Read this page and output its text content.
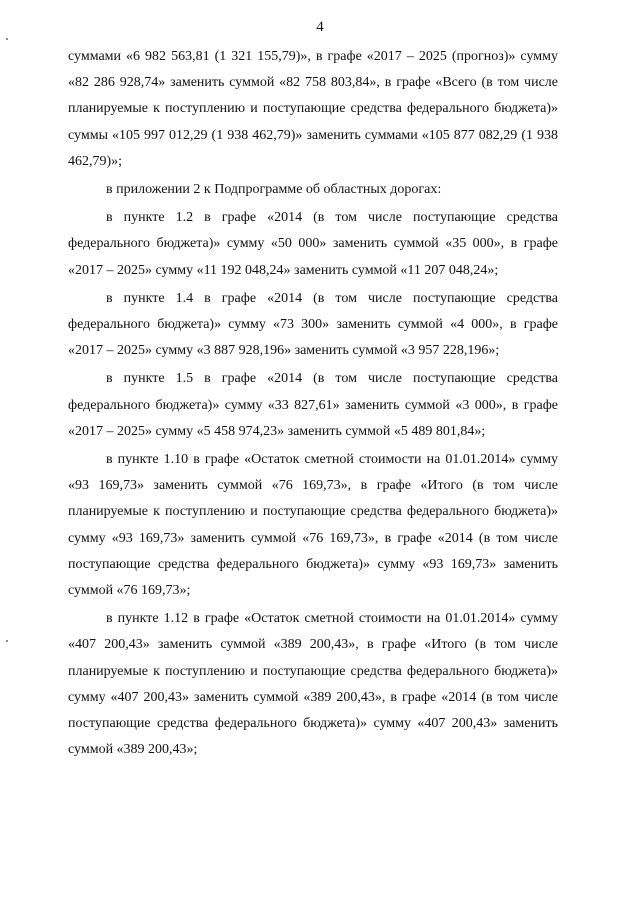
4

суммами «6 982 563,81 (1 321 155,79)», в графе «2017 – 2025 (прогноз)» сумму «82 286 928,74» заменить суммой «82 758 803,84», в графе «Всего (в том числе планируемые к поступлению и поступающие средства федерального бюджета)» суммы «105 997 012,29 (1 938 462,79)» заменить суммами «105 877 082,29 (1 938 462,79)»;

в приложении 2 к Подпрограмме об областных дорогах:

в пункте 1.2 в графе «2014 (в том числе поступающие средства федерального бюджета)» сумму «50 000» заменить суммой «35 000», в графе «2017 – 2025» сумму «11 192 048,24» заменить суммой «11 207 048,24»;

в пункте 1.4 в графе «2014 (в том числе поступающие средства федерального бюджета)» сумму «73 300» заменить суммой «4 000», в графе «2017 – 2025» сумму «3 887 928,196» заменить суммой «3 957 228,196»;

в пункте 1.5 в графе «2014 (в том числе поступающие средства федерального бюджета)» сумму «33 827,61» заменить суммой «3 000», в графе «2017 – 2025» сумму «5 458 974,23» заменить суммой «5 489 801,84»;

в пункте 1.10 в графе «Остаток сметной стоимости на 01.01.2014» сумму «93 169,73» заменить суммой «76 169,73», в графе «Итого (в том числе планируемые к поступлению и поступающие средства федерального бюджета)» сумму «93 169,73» заменить суммой «76 169,73», в графе «2014 (в том числе поступающие средства федерального бюджета)» сумму «93 169,73» заменить суммой «76 169,73»;

в пункте 1.12 в графе «Остаток сметной стоимости на 01.01.2014» сумму «407 200,43» заменить суммой «389 200,43», в графе «Итого (в том числе планируемые к поступлению и поступающие средства федерального бюджета)» сумму «407 200,43» заменить суммой «389 200,43», в графе «2014 (в том числе поступающие средства федерального бюджета)» сумму «407 200,43» заменить суммой «389 200,43»;
